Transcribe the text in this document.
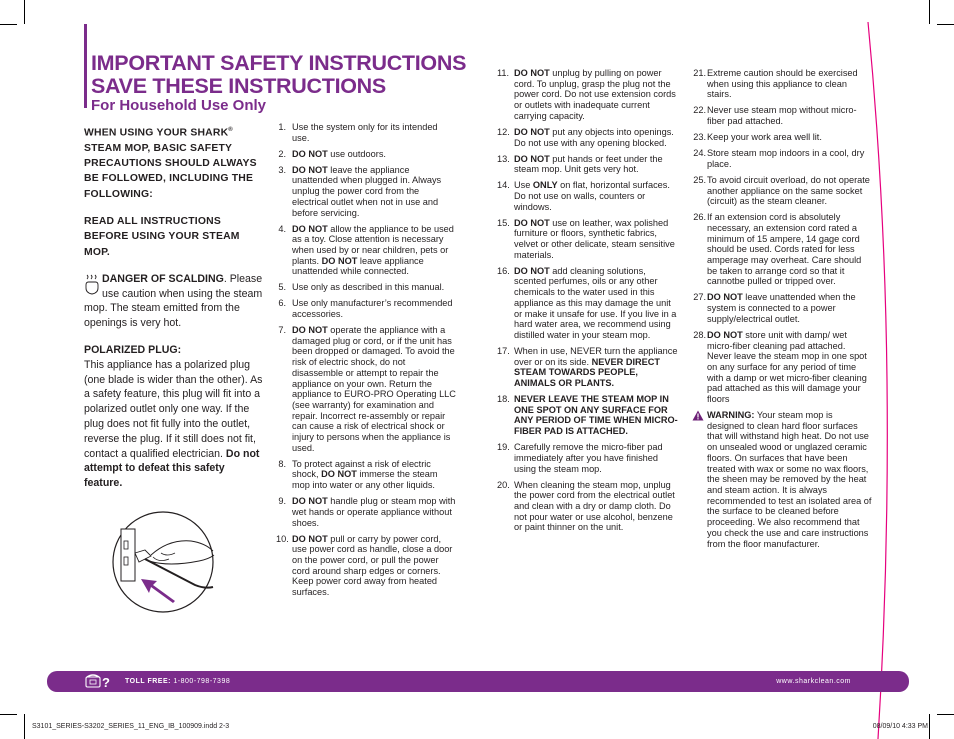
IMPORTANT SAFETY INSTRUCTIONS
SAVE THESE INSTRUCTIONS
For Household Use Only

WHEN USING YOUR SHARK® STEAM MOP, BASIC SAFETY PRECAUTIONS SHOULD ALWAYS BE FOLLOWED, INCLUDING THE FOLLOWING:

READ ALL INSTRUCTIONS BEFORE USING YOUR STEAM MOP.

DANGER OF SCALDING. Please use caution when using the steam mop. The steam emitted from the openings is very hot.

POLARIZED PLUG:
This appliance has a polarized plug (one blade is wider than the other). As a safety feature, this plug will fit into a polarized outlet only one way. If the plug does not fit fully into the outlet, reverse the plug. If it still does not fit, contact a qualified electrician. Do not attempt to defeat this safety feature.

1. Use the system only for its intended use.
2. DO NOT use outdoors.
3. DO NOT leave the appliance unattended when plugged in. Always unplug the power cord from the electrical outlet when not in use and before servicing.
4. DO NOT allow the appliance to be used as a toy. Close attention is necessary when used by or near children, pets or plants. DO NOT leave appliance unattended while connected.
5. Use only as described in this manual.
6. Use only manufacturer’s recommended accessories.
7. DO NOT operate the appliance with a damaged plug or cord, or if the unit has been dropped or damaged. To avoid the risk of electric shock, do not disassemble or attempt to repair the appliance on your own. Return the appliance to EURO-PRO Operating LLC (see warranty) for examination and repair. Incorrect re-assembly or repair can cause a risk of electrical shock or injury to persons when the appliance is used.
8. To protect against a risk of electric shock, DO NOT immerse the steam mop into water or any other liquids.
9. DO NOT handle plug or steam mop with wet hands or operate appliance without shoes.
10. DO NOT pull or carry by power cord, use power cord as handle, close a door on the power cord, or pull the power cord around sharp edges or corners. Keep power cord away from heated surfaces.
11. DO NOT unplug by pulling on power cord. To unplug, grasp the plug not the power cord. Do not use extension cords or outlets with inadequate current carrying capacity.
12. DO NOT put any objects into openings. Do not use with any opening blocked.
13. DO NOT put hands or feet under the steam mop. Unit gets very hot.
14. Use ONLY on flat, horizontal surfaces. Do not use on walls, counters or windows.
15. DO NOT use on leather, wax polished furniture or floors, synthetic fabrics, velvet or other delicate, steam sensitive materials.
16. DO NOT add cleaning solutions, scented perfumes, oils or any other chemicals to the water used in this appliance as this may damage the unit or make it unsafe for use. If you live in a hard water area, we recommend using distilled water in your steam mop.
17. When in use, NEVER turn the appliance over or on its side. NEVER DIRECT STEAM TOWARDS PEOPLE, ANIMALS OR PLANTS.
18. NEVER LEAVE THE STEAM MOP IN ONE SPOT ON ANY SURFACE FOR ANY PERIOD OF TIME WHEN MICRO-FIBER PAD IS ATTACHED.
19. Carefully remove the micro-fiber pad immediately after you have finished using the steam mop.
20. When cleaning the steam mop, unplug the power cord from the electrical outlet and clean with a dry or damp cloth. Do not pour water or use alcohol, benzene or paint thinner on the unit.
21. Extreme caution should be exercised when using this appliance to clean stairs.
22. Never use steam mop without micro-fiber pad attached.
23. Keep your work area well lit.
24. Store steam mop indoors in a cool, dry place.
25. To avoid circuit overload, do not operate another appliance on the same socket (circuit) as the steam cleaner.
26. If an extension cord is absolutely necessary, an extension cord rated a minimum of 15 ampere, 14 gage cord should be used. Cords rated for less amperage may overheat. Care should be taken to arrange cord so that it cannotbe pulled or tripped over.
27. DO NOT leave unattended when the system is connected to a power supply/electrical outlet.
28. DO NOT store unit with damp/ wet micro-fiber cleaning pad attached. Never leave the steam mop in one spot on any surface for any period of time with a damp or wet micro-fiber cleaning pad attached as this will damage your floors
WARNING: Your steam mop is designed to clean hard floor surfaces that will withstand high heat. Do not use on unsealed wood or unglazed ceramic floors. On surfaces that have been treated with wax or some no wax floors, the sheen may be removed by the heat and steam action. It is always recommended to test an isolated area of the surface to be cleaned before proceeding. We also recommend that you check the use and care instructions from the floor manufacturer.
? TOLL FREE: 1-800-798-7398	www.sharkclean.com
S3101_SERIES-S3202_SERIES_11_ENG_IB_100909.indd 2-3	08/09/10 4:33 PM
